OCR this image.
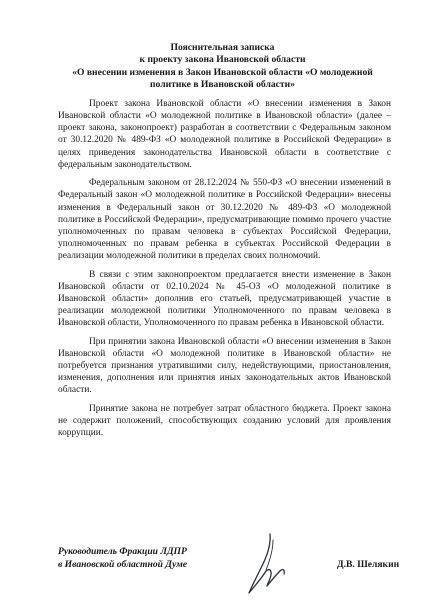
Пояснительная записка
к проекту закона Ивановской области
«О внесении изменения в Закон Ивановской области «О молодежной
политике в Ивановской области»

Проект закона Ивановской области «О внесении изменения в Закон Ивановской области «О молодежной политике в Ивановской области» (далее – проект закона, законопроект) разработан в соответствии с Федеральным законом от 30.12.2020 № 489-ФЗ «О молодежной политике в Российской Федерации» в целях приведения законодательства Ивановской области в соответствие с федеральным законодательством.

Федеральным законом от 28.12.2024 № 550-ФЗ «О внесении изменений в Федеральный закон «О молодежной политике в Российской Федерации» внесены изменения в Федеральный закон от 30.12.2020 № 489-ФЗ «О молодежной политике в Российской Федерации», предусматривающие помимо прочего участие уполномоченных по правам человека в субъектах Российской Федерации, уполномоченных по правам ребенка в субъектах Российской Федерации в реализации молодежной политики в пределах своих полномочий.

В связи с этим законопроектом предлагается внести изменение в Закон Ивановской области от 02.10.2024 № 45-ОЗ «О молодежной политике в Ивановской области» дополнив его статьей, предусматривающей участие в реализации молодежной политики Уполномоченного по правам человека в Ивановской области, Уполномоченного по правам ребенка в Ивановской области.

При принятии закона Ивановской области «О внесении изменения в Закон Ивановской области «О молодежной политике в Ивановской области» не потребуется признания утратившими силу, недействующими, приостановления, изменения, дополнения или принятия иных законодательных актов Ивановской области.

Принятие закона не потребует затрат областного бюджета. Проект закона не содержит положений, способствующих созданию условий для проявления коррупции.

Руководитель Фракции ЛДПР
в Ивановской областной Думе	Д.В. Шелякин
